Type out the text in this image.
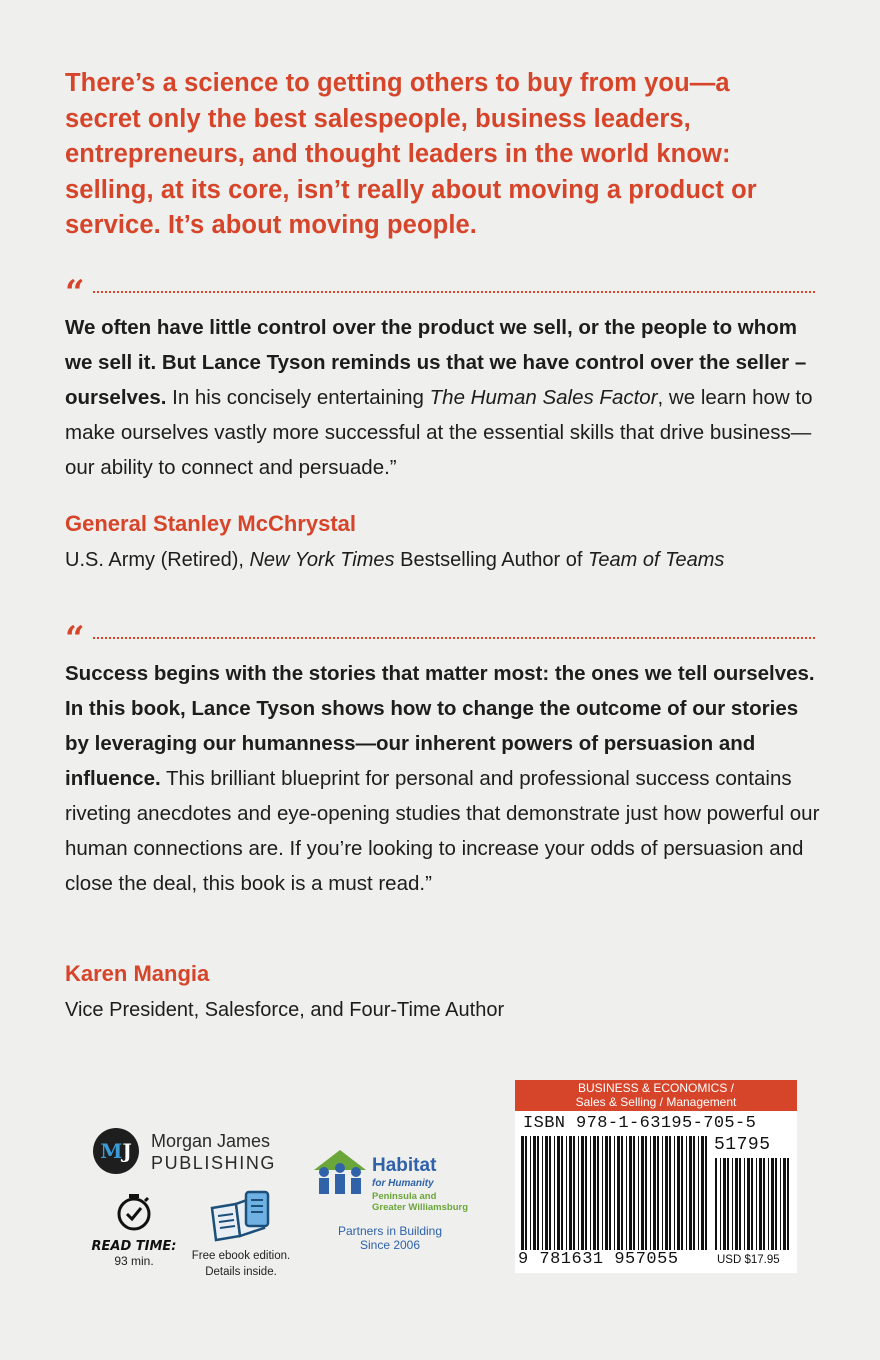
There’s a science to getting others to buy from you—a secret only the best salespeople, business leaders, entrepreneurs, and thought leaders in the world know: selling, at its core, isn’t really about moving a product or service. It’s about moving people.
“
We often have little control over the product we sell, or the people to whom we sell it. But Lance Tyson reminds us that we have control over the seller – ourselves. In his concisely entertaining The Human Sales Factor, we learn how to make ourselves vastly more successful at the essential skills that drive business—our ability to connect and persuade.”
General Stanley McChrystal
U.S. Army (Retired), New York Times Bestselling Author of Team of Teams
“
Success begins with the stories that matter most: the ones we tell ourselves. In this book, Lance Tyson shows how to change the outcome of our stories by leveraging our humanness—our inherent powers of persuasion and influence. This brilliant blueprint for personal and professional success contains riveting anecdotes and eye-opening studies that demonstrate just how powerful our human connections are. If you’re looking to increase your odds of persuasion and close the deal, this book is a must read.”
Karen Mangia
Vice President, Salesforce, and Four-Time Author
MJ	Morgan James
PUBLISHING
READ TIME:
93 min.	Free ebook edition.
Details inside.
Habitat
for Humanity
Peninsula and
Greater Williamsburg
Partners in Building
Since 2006
BUSINESS & ECONOMICS /
Sales & Selling / Management
ISBN 978-1-63195-705-5
51795
9 781631 957055	USD $17.95
